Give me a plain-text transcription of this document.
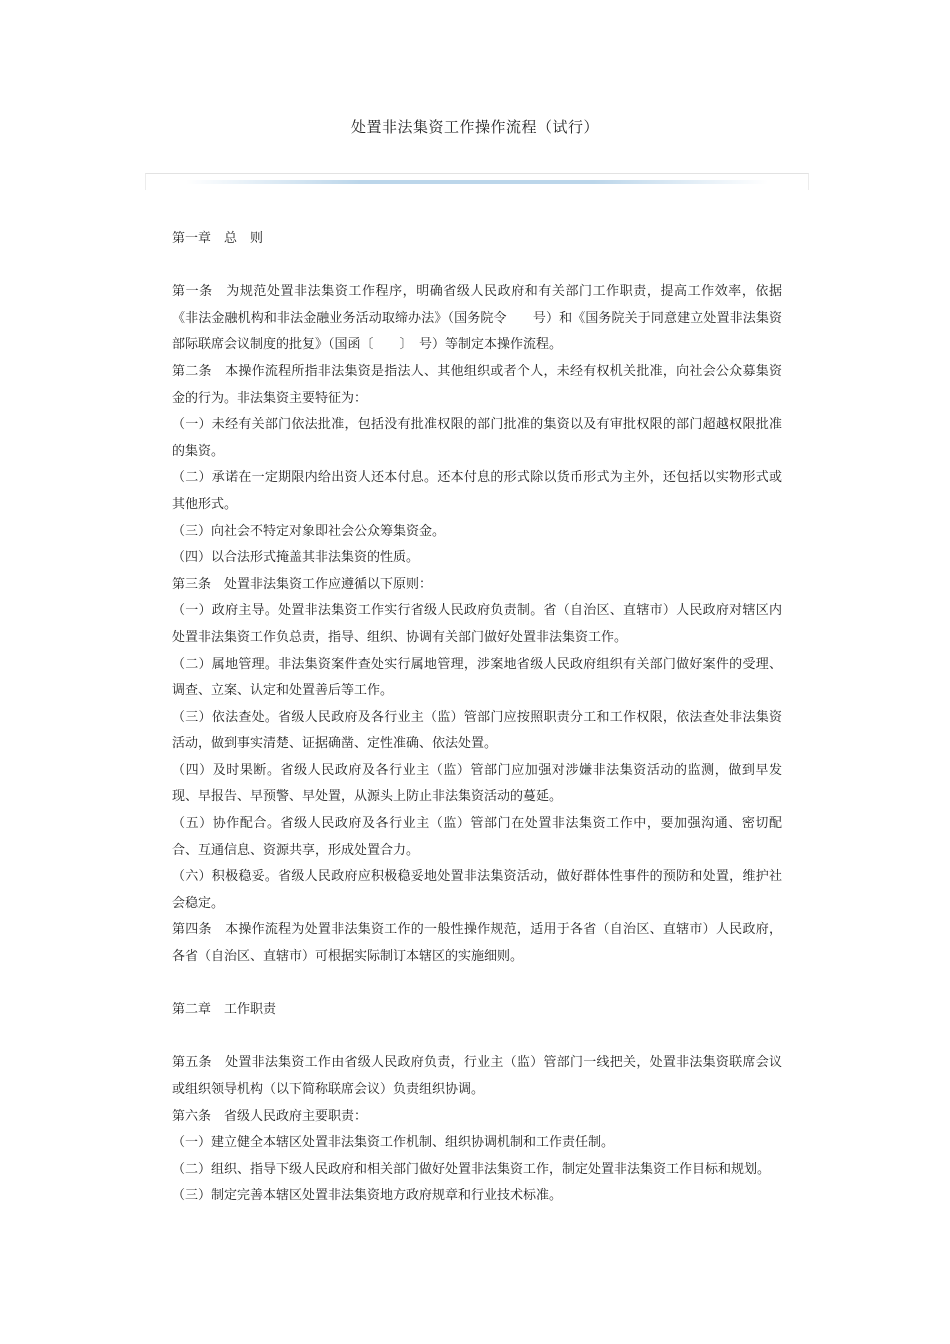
处置非法集资工作操作流程（试行）

第一章　总　则

第一条　为规范处置非法集资工作程序，明确省级人民政府和有关部门工作职责，提高工作效率，依据《非法金融机构和非法金融业务活动取缔办法》（国务院令　　号）和《国务院关于同意建立处置非法集资部际联席会议制度的批复》（国函〔　　〕　号）等制定本操作流程。

第二条　本操作流程所指非法集资是指法人、其他组织或者个人，未经有权机关批准，向社会公众募集资金的行为。非法集资主要特征为：

（一）未经有关部门依法批准，包括没有批准权限的部门批准的集资以及有审批权限的部门超越权限批准的集资。

（二）承诺在一定期限内给出资人还本付息。还本付息的形式除以货币形式为主外，还包括以实物形式或其他形式。

（三）向社会不特定对象即社会公众筹集资金。

（四）以合法形式掩盖其非法集资的性质。

第三条　处置非法集资工作应遵循以下原则：

（一）政府主导。处置非法集资工作实行省级人民政府负责制。省（自治区、直辖市）人民政府对辖区内处置非法集资工作负总责，指导、组织、协调有关部门做好处置非法集资工作。

（二）属地管理。非法集资案件查处实行属地管理，涉案地省级人民政府组织有关部门做好案件的受理、调查、立案、认定和处置善后等工作。

（三）依法查处。省级人民政府及各行业主（监）管部门应按照职责分工和工作权限，依法查处非法集资活动，做到事实清楚、证据确凿、定性准确、依法处置。

（四）及时果断。省级人民政府及各行业主（监）管部门应加强对涉嫌非法集资活动的监测，做到早发现、早报告、早预警、早处置，从源头上防止非法集资活动的蔓延。

（五）协作配合。省级人民政府及各行业主（监）管部门在处置非法集资工作中，要加强沟通、密切配合、互通信息、资源共享，形成处置合力。

（六）积极稳妥。省级人民政府应积极稳妥地处置非法集资活动，做好群体性事件的预防和处置，维护社会稳定。

第四条　本操作流程为处置非法集资工作的一般性操作规范，适用于各省（自治区、直辖市）人民政府，各省（自治区、直辖市）可根据实际制订本辖区的实施细则。

第二章　工作职责

第五条　处置非法集资工作由省级人民政府负责，行业主（监）管部门一线把关，处置非法集资联席会议或组织领导机构（以下简称联席会议）负责组织协调。

第六条　省级人民政府主要职责：

（一）建立健全本辖区处置非法集资工作机制、组织协调机制和工作责任制。

（二）组织、指导下级人民政府和相关部门做好处置非法集资工作，制定处置非法集资工作目标和规划。

（三）制定完善本辖区处置非法集资地方政府规章和行业技术标准。
